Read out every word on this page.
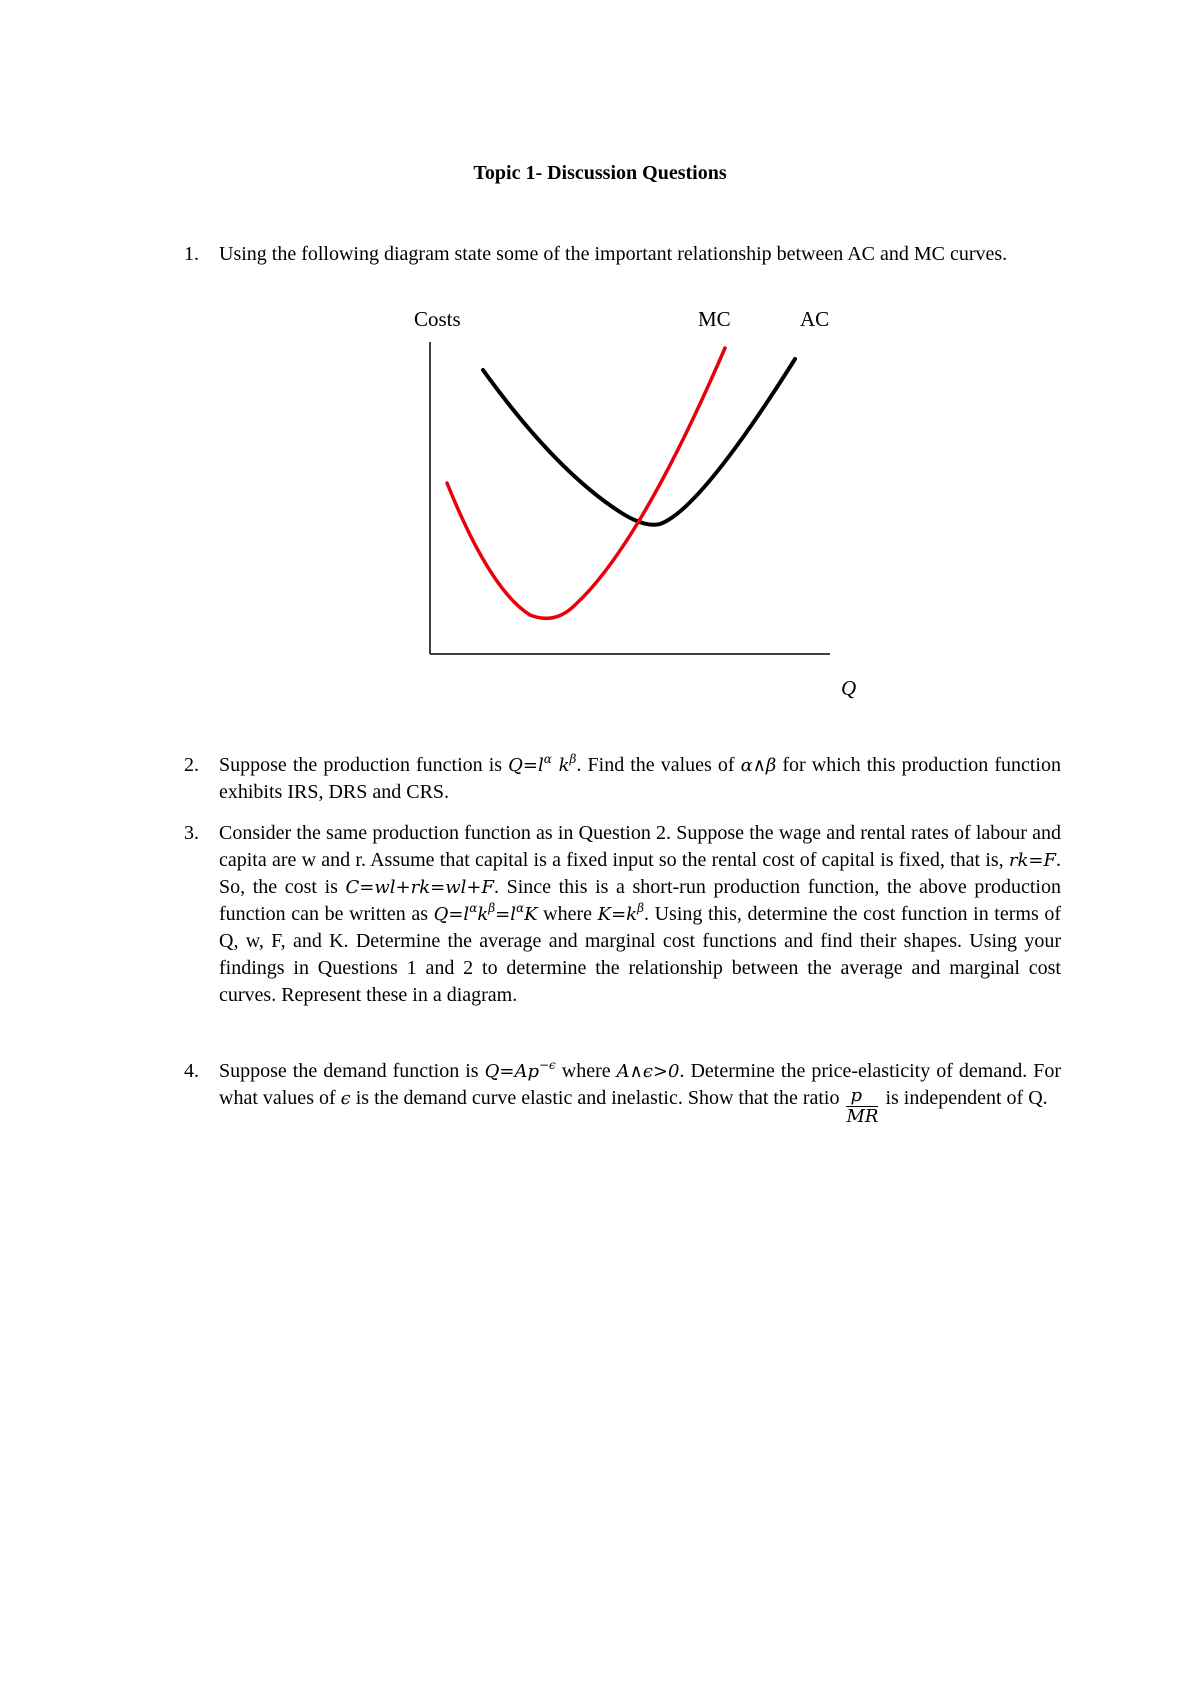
Topic 1- Discussion Questions
1. Using the following diagram state some of the important relationship between AC and MC curves.
Costs	MC	AC
Q
2. Suppose the production function is $Q=l^\alpha$ $k^\beta$. Find the values of α∧β for which this production function exhibits IRS, DRS and CRS.
3. Consider the same production function as in Question 2. Suppose the wage and rental rates of labour and capita are w and r. Assume that capital is a fixed input so the rental cost of capital is fixed, that is, rk=F. So, the cost is C=wl+rk=wl+F. Since this is a short-run production function, the above production function can be written as $Q=l^\alpha k^\beta=l^\alpha K$ where $K=k^\beta$. Using this, determine the cost function in terms of Q, w, F, and K. Determine the average and marginal cost functions and find their shapes. Using your findings in Questions 1 and 2 to determine the relationship between the average and marginal cost curves. Represent these in a diagram.
4. Suppose the demand function is $Q=Ap^{-\epsilon}$ where A∧ϵ>0. Determine the price-elasticity of demand. For what values of ϵ is the demand curve elastic and inelastic. Show that the ratio $\frac{p}{MR}$ is independent of Q.
